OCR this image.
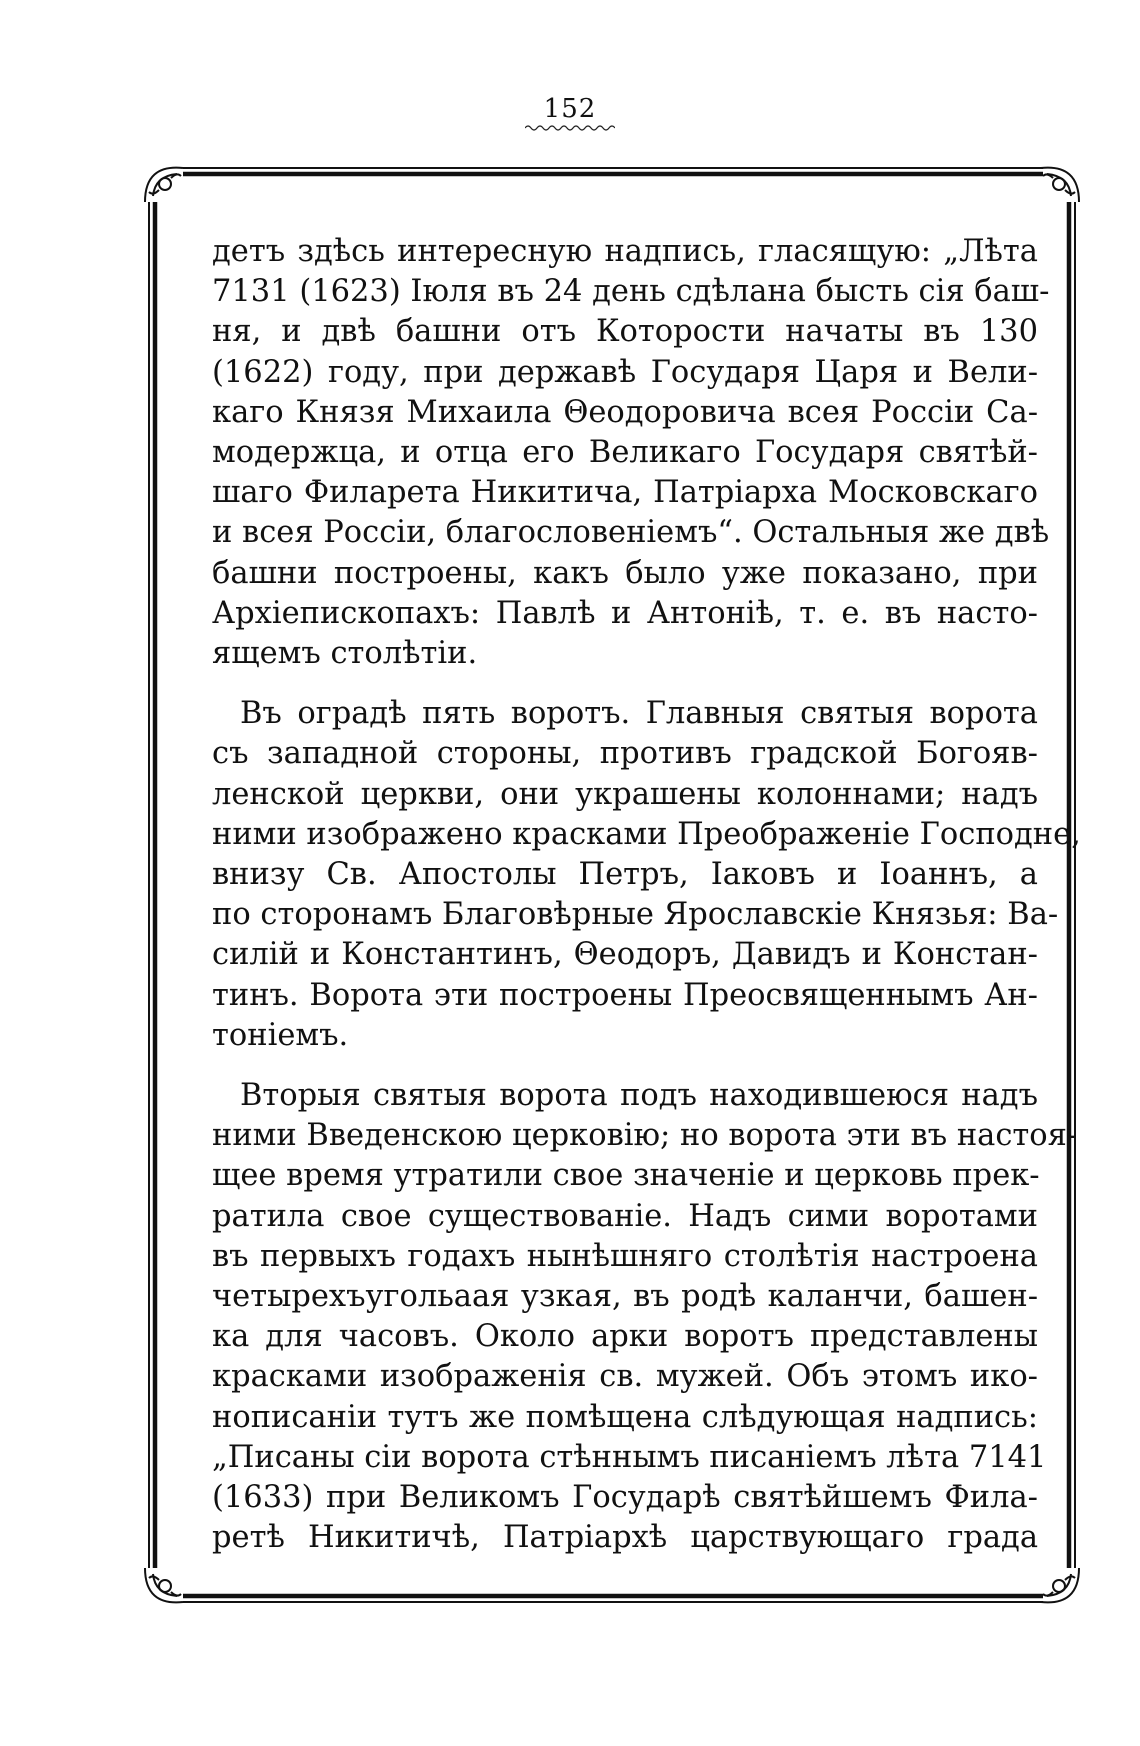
152

детъ здѣсь интересную надпись, гласящую: „Лѣта

7131 (1623) Іюля въ 24 день сдѣлана бысть сія баш-

ня, и двѣ башни отъ Которости начаты въ 130

(1622) году, при державѣ Государя Царя и Вели-

каго Князя Михаила Θеодоровича всея Россіи Са-

модержца, и отца его Великаго Государя святѣй-

шаго Филарета Никитича, Патріарха Московскаго

и всея Россіи, благословеніемъ“. Остальныя же двѣ

башни построены, какъ было уже показано, при

Архіепископахъ: Павлѣ и Антонiѣ, т. е. въ насто-

ящемъ столѣтіи.

Въ оградѣ пять воротъ. Главныя святыя ворота

съ западной стороны, противъ градской Богояв-

ленской церкви, они украшены колоннами; надъ

ними изображено красками Преображеніе Господне,

внизу Св. Апостолы Петръ, Іаковъ и Іоаннъ, а

по сторонамъ Благовѣрные Ярославскіе Князья: Ва-

силій и Константинъ, Θеодоръ, Давидъ и Констан-

тинъ. Ворота эти построены Преосвященнымъ Ан-

тоніемъ.

Вторыя святыя ворота подъ находившеюся надъ

ними Введенскою церковію; но ворота эти въ настоя-

щее время утратили свое значеніе и церковь прек-

ратила свое существованіе. Надъ сими воротами

въ первыхъ годахъ нынѣшняго столѣтія настроена

четырехъугольаая узкая, въ родѣ каланчи, башен-

ка для часовъ. Около арки воротъ представлены

красками изображенія св. мужей. Объ этомъ ико-

нописаніи тутъ же помѣщена слѣдующая надпись:

„Писаны сіи ворота стѣннымъ писаніемъ лѣта 7141

(1633) при Великомъ Государѣ святѣйшемъ Фила-

ретѣ Никитичѣ, Патріархѣ царствующаго града
